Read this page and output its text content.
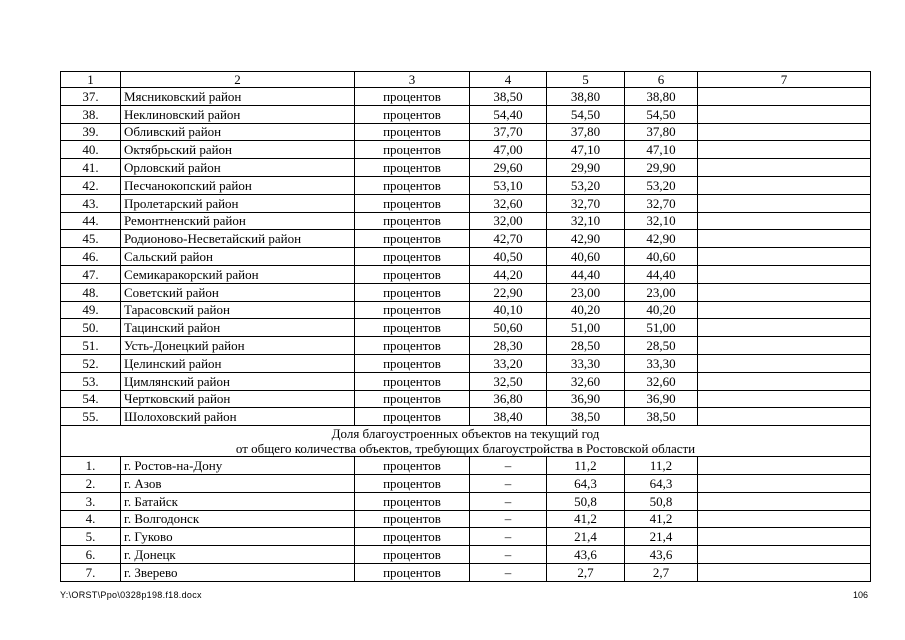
1	2	3	4	5	6	7
37.	Мясниковский район	процентов	38,50	38,80	38,80	
38.	Неклиновский район	процентов	54,40	54,50	54,50	
39.	Обливский район	процентов	37,70	37,80	37,80	
40.	Октябрьский район	процентов	47,00	47,10	47,10	
41.	Орловский район	процентов	29,60	29,90	29,90	
42.	Песчанокопский район	процентов	53,10	53,20	53,20	
43.	Пролетарский район	процентов	32,60	32,70	32,70	
44.	Ремонтненский район	процентов	32,00	32,10	32,10	
45.	Родионово-Несветайский район	процентов	42,70	42,90	42,90	
46.	Сальский район	процентов	40,50	40,60	40,60	
47.	Семикаракорский район	процентов	44,20	44,40	44,40	
48.	Советский район	процентов	22,90	23,00	23,00	
49.	Тарасовский район	процентов	40,10	40,20	40,20	
50.	Тацинский район	процентов	50,60	51,00	51,00	
51.	Усть-Донецкий район	процентов	28,30	28,50	28,50	
52.	Целинский район	процентов	33,20	33,30	33,30	
53.	Цимлянский район	процентов	32,50	32,60	32,60	
54.	Чертковский район	процентов	36,80	36,90	36,90	
55.	Шолоховский район	процентов	38,40	38,50	38,50	

Доля благоустроенных объектов на текущий год
от общего количества объектов, требующих благоустройства в Ростовской области						

1.	г. Ростов-на-Дону	процентов	–	11,2	11,2	
2.	г. Азов	процентов	–	64,3	64,3	
3.	г. Батайск	процентов	–	50,8	50,8	
4.	г. Волгодонск	процентов	–	41,2	41,2	
5.	г. Гуково	процентов	–	21,4	21,4	
6.	г. Донецк	процентов	–	43,6	43,6	
7.	г. Зверево	процентов	–	2,7	2,7	
Y:\ORST\Ppo\0328p198.f18.docx	106
